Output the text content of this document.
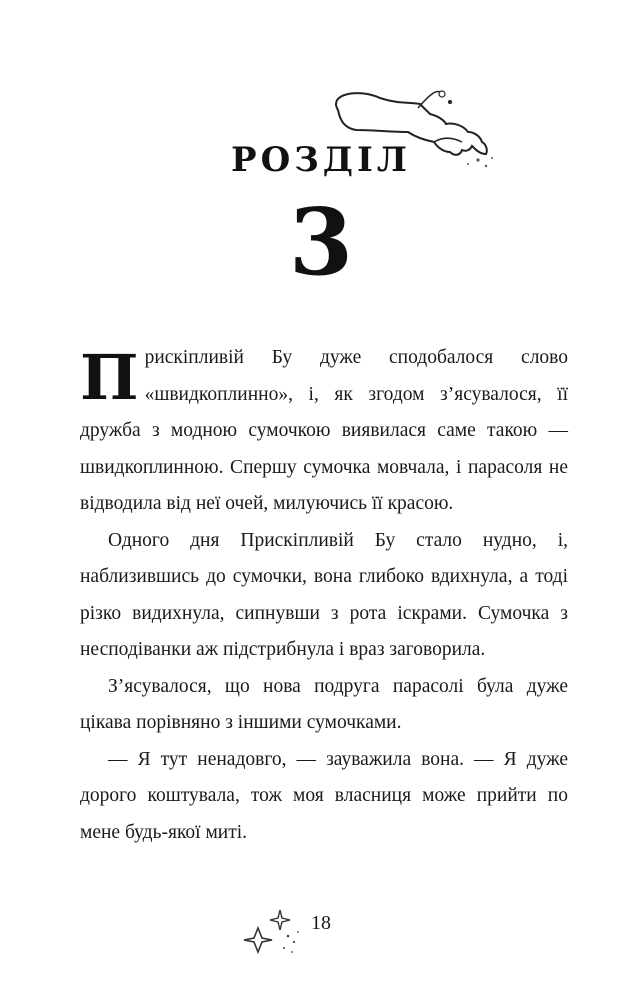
РОЗДІЛ
3

Прискіпливій Бу дуже сподобалося слово «швидкоплинно», і, як згодом з’ясувалося, її дружба з модною сумочкою виявилася саме такою — швидкоплинною. Спершу сумочка мовчала, і парасоля не відводила від неї очей, милуючись її красою.

Одного дня Прискіпливій Бу стало нудно, і, наблизившись до сумочки, вона глибоко вдихнула, а тоді різко видихнула, сипнувши з рота іскрами. Сумочка з несподіванки аж підстрибнула і враз заговорила.

З’ясувалося, що нова подруга парасолі була дуже цікава порівняно з іншими сумочками.

— Я тут ненадовго, — зауважила вона. — Я дуже дорого коштувала, тож моя власниця може прийти по мене будь-якої миті.

18
